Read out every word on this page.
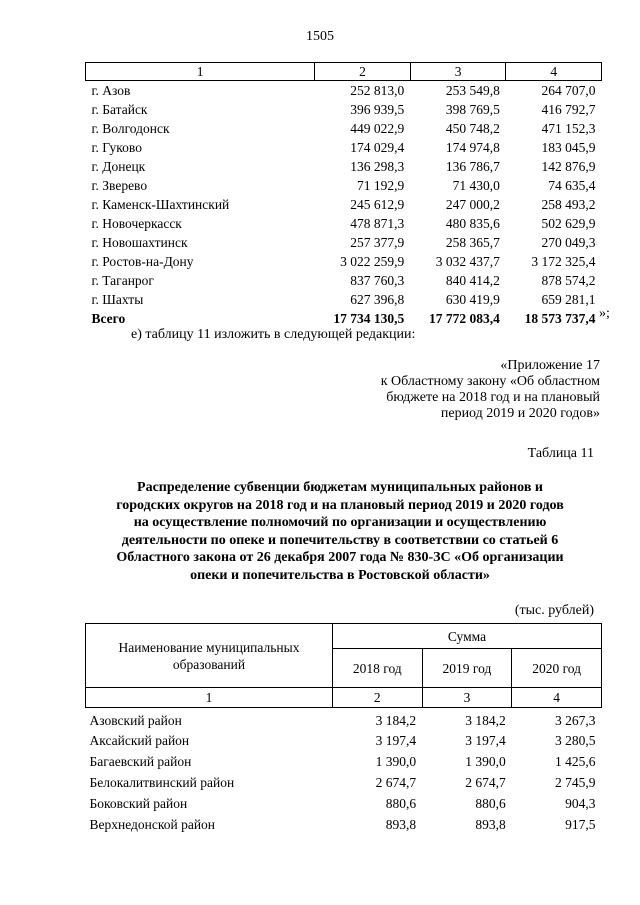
1505
1	2	3	4
г. Азов	252 813,0	253 549,8	264 707,0
г. Батайск	396 939,5	398 769,5	416 792,7
г. Волгодонск	449 022,9	450 748,2	471 152,3
г. Гуково	174 029,4	174 974,8	183 045,9
г. Донецк	136 298,3	136 786,7	142 876,9
г. Зверево	71 192,9	71 430,0	74 635,4
г. Каменск-Шахтинский	245 612,9	247 000,2	258 493,2
г. Новочеркасск	478 871,3	480 835,6	502 629,9
г. Новошахтинск	257 377,9	258 365,7	270 049,3
г. Ростов-на-Дону	3 022 259,9	3 032 437,7	3 172 325,4
г. Таганрог	837 760,3	840 414,2	878 574,2
г. Шахты	627 396,8	630 419,9	659 281,1
Всего	17 734 130,5	17 772 083,4	18 573 737,4 »;
е) таблицу 11 изложить в следующей редакции:
«Приложение 17
к Областному закону «Об областном
бюджете на 2018 год и на плановый
период 2019 и 2020 годов»
Таблица 11
Распределение субвенции бюджетам муниципальных районов и
городских округов на 2018 год и на плановый период 2019 и 2020 годов
на осуществление полномочий по организации и осуществлению
деятельности по опеке и попечительству в соответствии со статьей 6
Областного закона от 26 декабря 2007 года № 830-ЗС «Об организации
опеки и попечительства в Ростовской области»
(тыс. рублей)
Наименование муниципальных образований	Сумма		
	2018 год	2019 год	2020 год
1	2	3	4
Азовский район	3 184,2	3 184,2	3 267,3
Аксайский район	3 197,4	3 197,4	3 280,5
Багаевский район	1 390,0	1 390,0	1 425,6
Белокалитвинский район	2 674,7	2 674,7	2 745,9
Боковский район	880,6	880,6	904,3
Верхнедонской район	893,8	893,8	917,5
